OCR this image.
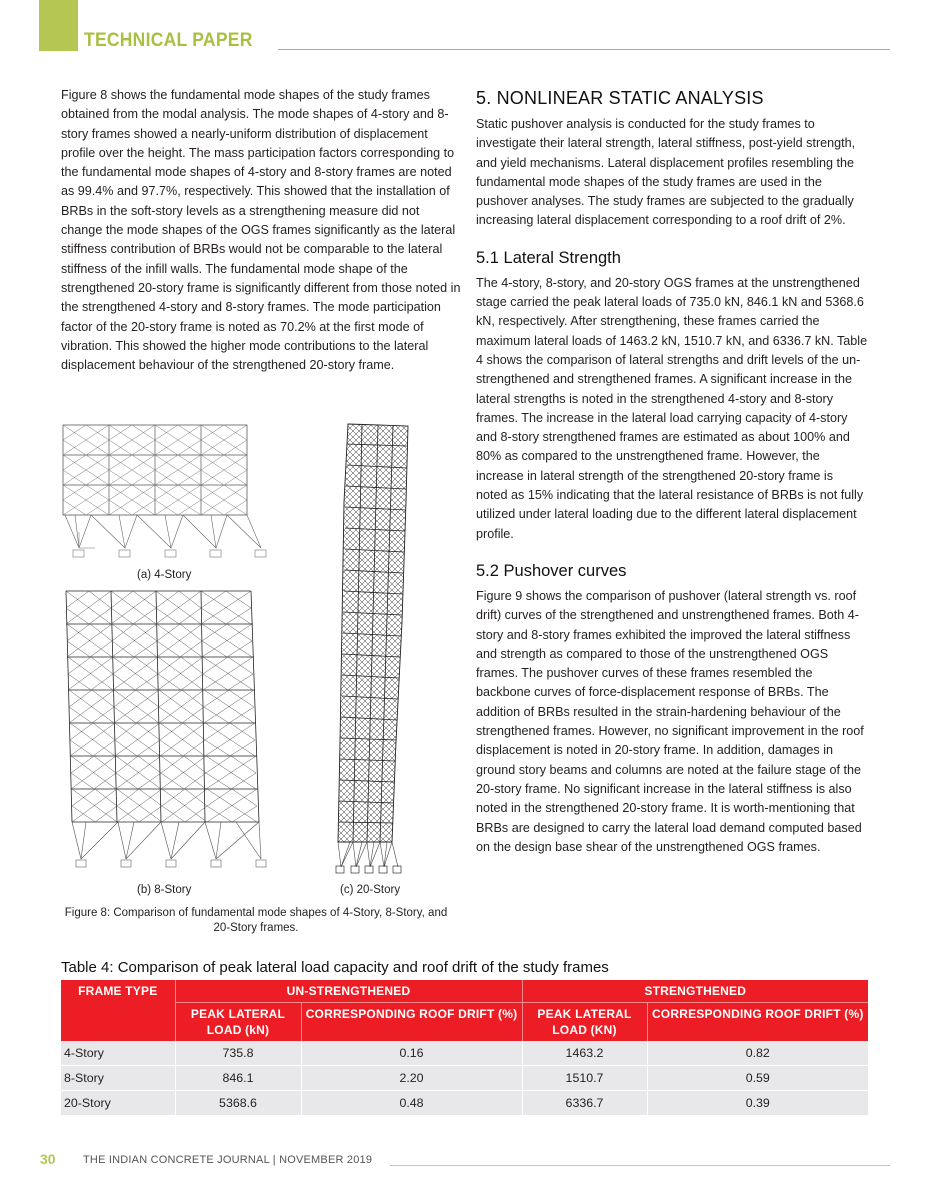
TECHNICAL PAPER

Figure 8 shows the fundamental mode shapes of the study frames obtained from the modal analysis. The mode shapes of 4-story and 8-story frames showed a nearly-uniform distribution of displacement profile over the height. The mass participation factors corresponding to the fundamental mode shapes of 4-story and 8-story frames are noted as 99.4% and 97.7%, respectively. This showed that the installation of BRBs in the soft-story levels as a strengthening measure did not change the mode shapes of the OGS frames significantly as the lateral stiffness contribution of BRBs would not be comparable to the lateral stiffness of the infill walls. The fundamental mode shape of the strengthened 20-story frame is significantly different from those noted in the strengthened 4-story and 8-story frames. The mode participation factor of the 20-story frame is noted as 70.2% at the first mode of vibration. This showed the higher mode contributions to the lateral displacement behaviour of the strengthened 20-story frame.

(a) 4-Story
(b) 8-Story	(c) 20-Story
Figure 8: Comparison of fundamental mode shapes of 4-Story, 8-Story, and 20-Story frames.
5. NONLINEAR STATIC ANALYSIS

Static pushover analysis is conducted for the study frames to investigate their lateral strength, lateral stiffness, post-yield strength, and yield mechanisms. Lateral displacement profiles resembling the fundamental mode shapes of the study frames are used in the pushover analyses. The study frames are subjected to the gradually increasing lateral displacement corresponding to a roof drift of 2%.

5.1 Lateral Strength

The 4-story, 8-story, and 20-story OGS frames at the unstrengthened stage carried the peak lateral loads of 735.0 kN, 846.1 kN and 5368.6 kN, respectively. After strengthening, these frames carried the maximum lateral loads of 1463.2 kN, 1510.7 kN, and 6336.7 kN. Table 4 shows the comparison of lateral strengths and drift levels of the un-strengthened and strengthened frames. A significant increase in the lateral strengths is noted in the strengthened 4-story and 8-story frames. The increase in the lateral load carrying capacity of 4-story and 8-story strengthened frames are estimated as about 100% and 80% as compared to the unstrengthened frame. However, the increase in lateral strength of the strengthened 20-story frame is noted as 15% indicating that the lateral resistance of BRBs is not fully utilized under lateral loading due to the different lateral displacement profile.

5.2 Pushover curves

Figure 9 shows the comparison of pushover (lateral strength vs. roof drift) curves of the strengthened and unstrengthened frames. Both 4-story and 8-story frames exhibited the improved the lateral stiffness and strength as compared to those of the unstrengthened OGS frames. The pushover curves of these frames resembled the backbone curves of force-displacement response of BRBs. The addition of BRBs resulted in the strain-hardening behaviour of the strengthened frames. However, no significant improvement in the roof displacement is noted in 20-story frame. In addition, damages in ground story beams and columns are noted at the failure stage of the 20-story frame. No significant increase in the lateral stiffness is also noted in the strengthened 20-story frame. It is worth-mentioning that BRBs are designed to carry the lateral load demand computed based on the design base shear of the unstrengthened OGS frames.

Table 4: Comparison of peak lateral load capacity and roof drift of the study frames
FRAME TYPE	UN-STRENGTHENED		STRENGTHENED	
	PEAK LATERAL LOAD (kN)	CORRESPONDING ROOF DRIFT (%)	PEAK LATERAL LOAD (KN)	CORRESPONDING ROOF DRIFT (%)
4-Story	735.8	0.16	1463.2	0.82
8-Story	846.1	2.20	1510.7	0.59
20-Story	5368.6	0.48	6336.7	0.39
30 THE INDIAN CONCRETE JOURNAL | NOVEMBER 2019
